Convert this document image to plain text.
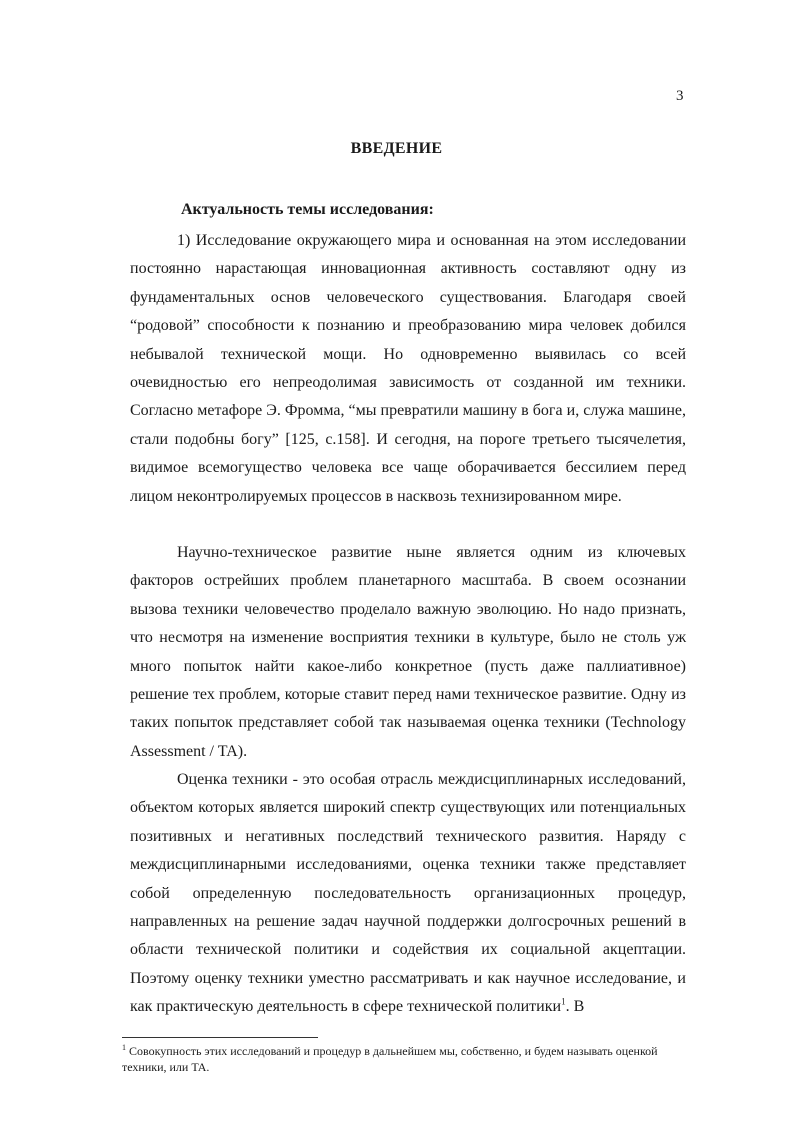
3
ВВЕДЕНИЕ
Актуальность темы исследования:

1) Исследование окружающего мира и основанная на этом исследовании постоянно нарастающая инновационная активность составляют одну из фундаментальных основ человеческого существования. Благодаря своей “родовой” способности к познанию и преобразованию мира человек добился небывалой технической мощи. Но одновременно выявилась со всей очевидностью его непреодолимая зависимость от созданной им техники. Согласно метафоре Э. Фромма, “мы превратили машину в бога и, служа машине, стали подобны богу” [125, с.158]. И сегодня, на пороге третьего тысячелетия, видимое всемогущество человека все чаще оборачивается бессилием перед лицом неконтролируемых процессов в насквозь технизированном мире.

Научно-техническое развитие ныне является одним из ключевых факторов острейших проблем планетарного масштаба. В своем осознании вызова техники человечество проделало важную эволюцию. Но надо признать, что несмотря на изменение восприятия техники в культуре, было не столь уж много попыток найти какое-либо конкретное (пусть даже паллиативное) решение тех проблем, которые ставит перед нами техническое развитие. Одну из таких попыток представляет собой так называемая оценка техники (Technology Assessment / TA).

Оценка техники - это особая отрасль междисциплинарных исследований, объектом которых является широкий спектр существующих или потенциальных позитивных и негативных последствий технического развития. Наряду с междисциплинарными исследованиями, оценка техники также представляет собой определенную последовательность организационных процедур, направленных на решение задач научной поддержки долгосрочных решений в области технической политики и содействия их социальной акцептации. Поэтому оценку техники уместно рассматривать и как научное исследование, и как практическую деятельность в сфере технической политики$^1$. В

$^1$ Совокупность этих исследований и процедур в дальнейшем мы, собственно, и будем называть оценкой техники, или TA.
